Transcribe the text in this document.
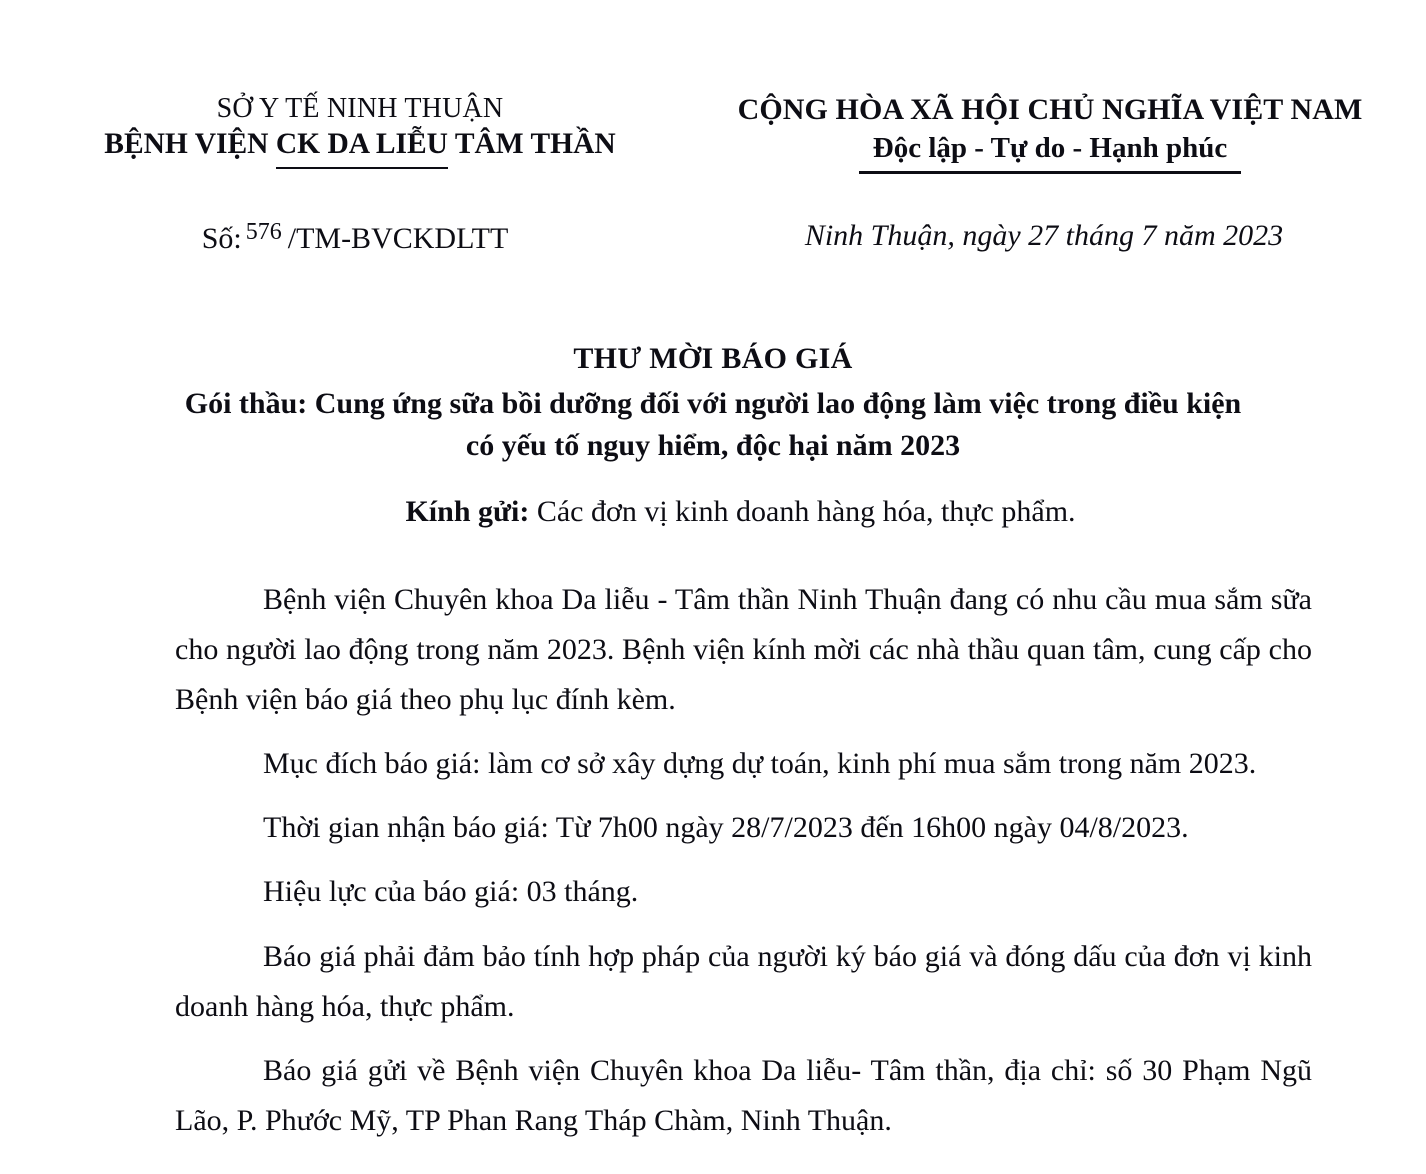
SỞ Y TẾ NINH THUẬN
BỆNH VIỆN CK DA LIỄU TÂM THẦN
CỘNG HÒA XÃ HỘI CHỦ NGHĨA VIỆT NAM
Độc lập - Tự do - Hạnh phúc
Số: $^{576}$ /TM-BVCKDLTT	Ninh Thuận, ngày 27 tháng 7 năm 2023
THƯ MỜI BÁO GIÁ
Gói thầu: Cung ứng sữa bồi dưỡng đối với người lao động làm việc trong điều kiện có yếu tố nguy hiểm, độc hại năm 2023
Kính gửi: Các đơn vị kinh doanh hàng hóa, thực phẩm.

Bệnh viện Chuyên khoa Da liễu - Tâm thần Ninh Thuận đang có nhu cầu mua sắm sữa cho người lao động trong năm 2023. Bệnh viện kính mời các nhà thầu quan tâm, cung cấp cho Bệnh viện báo giá theo phụ lục đính kèm.

Mục đích báo giá: làm cơ sở xây dựng dự toán, kinh phí mua sắm trong năm 2023.

Thời gian nhận báo giá: Từ 7h00 ngày 28/7/2023 đến 16h00 ngày 04/8/2023.

Hiệu lực của báo giá: 03 tháng.

Báo giá phải đảm bảo tính hợp pháp của người ký báo giá và đóng dấu của đơn vị kinh doanh hàng hóa, thực phẩm.

Báo giá gửi về Bệnh viện Chuyên khoa Da liễu- Tâm thần, địa chỉ: số 30 Phạm Ngũ Lão, P. Phước Mỹ, TP Phan Rang Tháp Chàm, Ninh Thuận.
